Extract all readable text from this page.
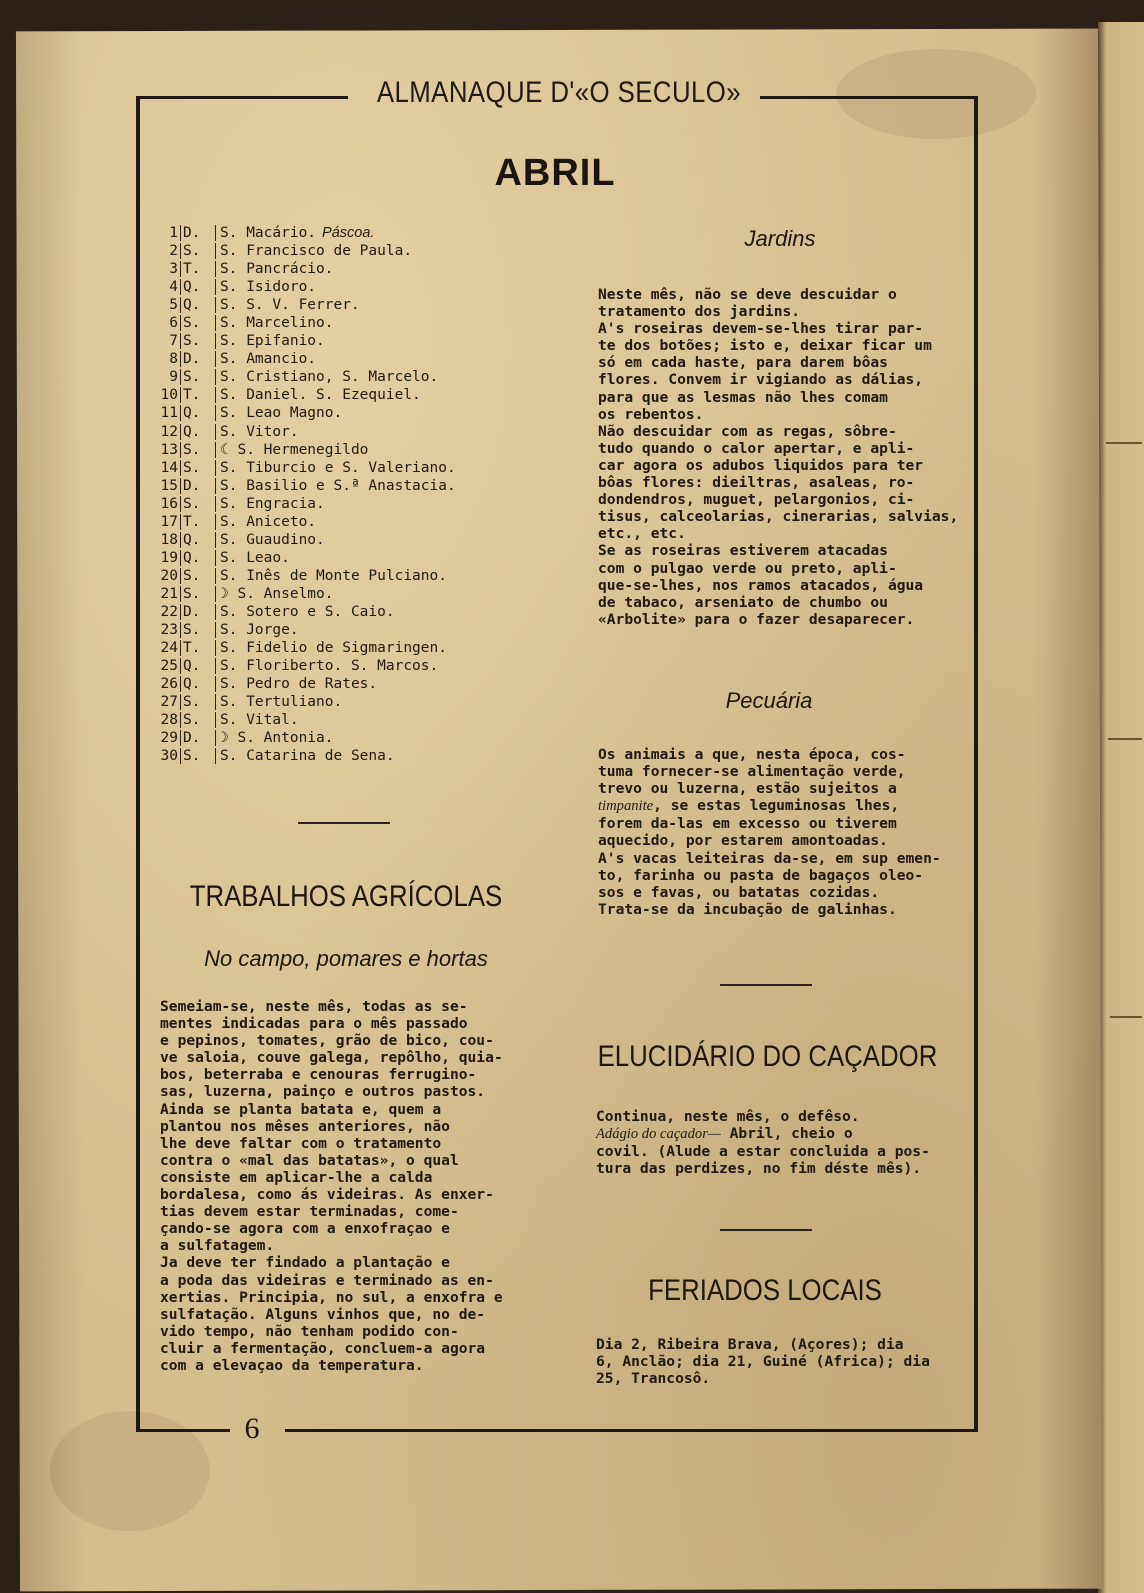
ALMANAQUE D'«O SECULO»
ABRIL
1 D.	S. Macário. Páscoa.
2 S.	S. Francisco de Paula.
3 T.	S. Pancrácio.
4 Q.	S. Isidoro.
5 Q.	S. S. V. Ferrer.
6 S.	S. Marcelino.
7 S.	S. Epifanio.
8 D.	S. Amancio.
9 S.	S. Cristiano, S. Marcelo.
10 T.	S. Daniel. S. Ezequiel.
11 Q.	S. Leao Magno.
12 Q.	S. Vitor.
13 S.	☾ S. Hermenegildo
14 S.	S. Tiburcio e S. Valeriano.
15 D.	S. Basilio e S.ª Anastacia.
16 S.	S. Engracia.
17 T.	S. Aniceto.
18 Q.	S. Guaudino.
19 Q.	S. Leao.
20 S.	S. Inês de Monte Pulciano.
21 S.	☽ S. Anselmo.
22 D.	S. Sotero e S. Caio.
23 S.	S. Jorge.
24 T.	S. Fidelio de Sigmaringen.
25 Q.	S. Floriberto. S. Marcos.
26 Q.	S. Pedro de Rates.
27 S.	S. Tertuliano.
28 S.	S. Vital.
29 D.	☽ S. Antonia.
30 S.	S. Catarina de Sena.
Jardins
Neste mês, não se deve descuidar o
tratamento dos jardins.
A's roseiras devem-se-lhes tirar par-
te dos botões; isto e, deixar ficar um
só em cada haste, para darem bôas
flores. Convem ir vigiando as dálias,
para que as lesmas não lhes comam
os rebentos.
Não descuidar com as regas, sôbre-
tudo quando o calor apertar, e apli-
car agora os adubos liquidos para ter
bôas flores: dieiltras, asaleas, ro-
dondendros, muguet, pelargonios, ci-
tisus, calceolarias, cinerarias, salvias,
etc., etc.
Se as roseiras estiverem atacadas
com o pulgao verde ou preto, apli-
que-se-lhes, nos ramos atacados, água
de tabaco, arseniato de chumbo ou
«Arbolite» para o fazer desaparecer.
Pecuária
Os animais a que, nesta época, cos-
tuma fornecer-se alimentação verde,
trevo ou luzerna, estão sujeitos a
timpanite, se estas leguminosas lhes,
forem da-las em excesso ou tiverem
aquecido, por estarem amontoadas.
A's vacas leiteiras da-se, em sup emen-
to, farinha ou pasta de bagaços oleo-
sos e favas, ou batatas cozidas.
Trata-se da incubação de galinhas.
TRABALHOS AGRÍCOLAS
No campo, pomares e hortas
Semeiam-se, neste mês, todas as se-
mentes indicadas para o mês passado
e pepinos, tomates, grão de bico, cou-
ve saloia, couve galega, repôlho, quia-
bos, beterraba e cenouras ferrugino-
sas, luzerna, painço e outros pastos.
Ainda se planta batata e, quem a
plantou nos mêses anteriores, não
lhe deve faltar com o tratamento
contra o «mal das batatas», o qual
consiste em aplicar-lhe a calda
bordalesa, como ás videiras. As enxer-
tias devem estar terminadas, come-
çando-se agora com a enxofraçao e
a sulfatagem.
Ja deve ter findado a plantação e
a poda das videiras e terminado as en-
xertias. Principia, no sul, a enxofra e
sulfatação. Alguns vinhos que, no de-
vido tempo, não tenham podido con-
cluir a fermentação, concluem-a agora
com a elevaçao da temperatura.
ELUCIDÁRIO DO CAÇADOR
Continua, neste mês, o defêso.
Adágio do caçador— Abril, cheio o
covil. (Alude a estar concluida a pos-
tura das perdizes, no fim déste mês).
FERIADOS LOCAIS
Dia 2, Ribeira Brava, (Açores); dia
6, Anclão; dia 21, Guiné (Africa); dia
25, Trancosô.
6
